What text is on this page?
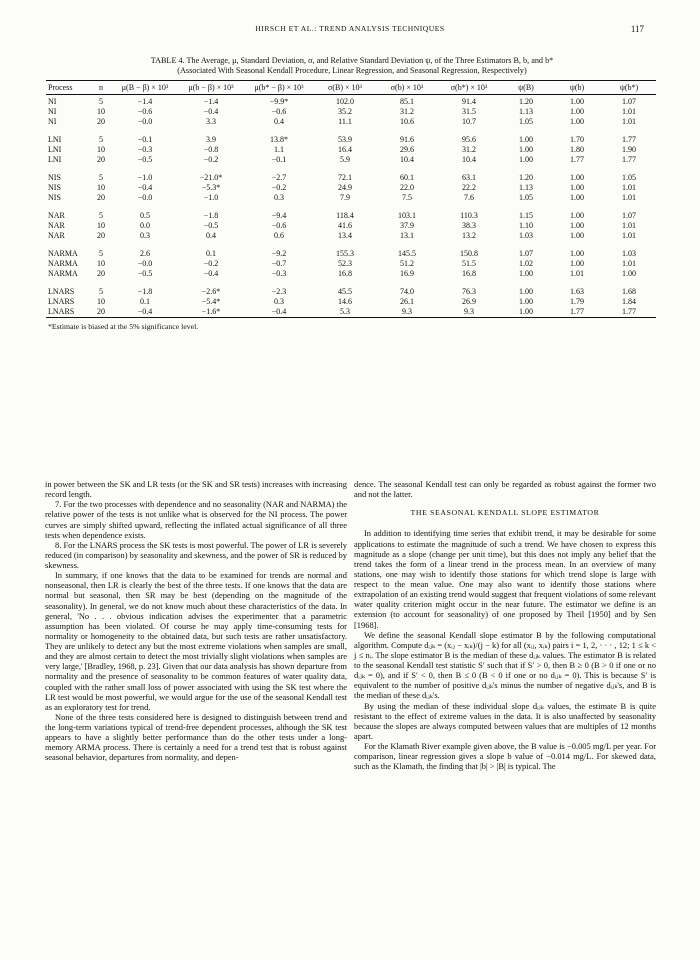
HIRSCH ET AL.: TREND ANALYSIS TECHNIQUES	117
TABLE 4. The Average, μ, Standard Deviation, σ, and Relative Standard Deviation ψ, of the Three Estimators B, b, and b*
(Associated With Seasonal Kendall Procedure, Linear Regression, and Seasonal Regression, Respectively)
Process	n	μ(B − β) × 10³	μ(b − β) × 10³	μ(b* − β) × 10³	σ(B) × 10³	σ(b) × 10³	σ(b*) × 10³	ψ(B)	ψ(b)	ψ(b*)
NI	5	−1.4	−1.4	−9.9*	102.0	85.1	91.4	1.20	1.00	1.07
NI	10	−0.6	−0.4	−0.6	35.2	31.2	31.5	1.13	1.00	1.01
NI	20	−0.0	3.3	0.4	11.1	10.6	10.7	1.05	1.00	1.01

LNI	5	−0.1	3.9	13.8*	53.9	91.6	95.6	1.00	1.70	1.77
LNI	10	−0.3	−0.8	1.1	16.4	29.6	31.2	1.00	1.80	1.90
LNI	20	−0.5	−0.2	−0.1	5.9	10.4	10.4	1.00	1.77	1.77

NIS	5	−1.0	−21.0*	−2.7	72.1	60.1	63.1	1.20	1.00	1.05
NIS	10	−0.4	−5.3*	−0.2	24.9	22.0	22.2	1.13	1.00	1.01
NIS	20	−0.0	−1.0	0.3	7.9	7.5	7.6	1.05	1.00	1.01

NAR	5	0.5	−1.8	−9.4	118.4	103.1	110.3	1.15	1.00	1.07
NAR	10	0.0	−0.5	−0.6	41.6	37.9	38.3	1.10	1.00	1.01
NAR	20	0.3	0.4	0.6	13.4	13.1	13.2	1.03	1.00	1.01

NARMA	5	2.6	0.1	−9.2	155.3	145.5	150.8	1.07	1.00	1.03
NARMA	10	−0.0	−0.2	−0.7	52.3	51.2	51.5	1.02	1.00	1.01
NARMA	20	−0.5	−0.4	−0.3	16.8	16.9	16.8	1.00	1.01	1.00

LNARS	5	−1.8	−2.6*	−2.3	45.5	74.0	76.3	1.00	1.63	1.68
LNARS	10	0.1	−5.4*	0.3	14.6	26.1	26.9	1.00	1.79	1.84
LNARS	20	−0.4	−1.6*	−0.4	5.3	9.3	9.3	1.00	1.77	1.77
*Estimate is biased at the 5% significance level.

in power between the SK and LR tests (or the SK and SR tests) increases with increasing record length.

7. For the two processes with dependence and no seasonality (NAR and NARMA) the relative power of the tests is not unlike what is observed for the NI process. The power curves are simply shifted upward, reflecting the inflated actual significance of all three tests when dependence exists.

8. For the LNARS process the SK tests is most powerful. The power of LR is severely reduced (in comparison) by seasonality and skewness, and the power of SR is reduced by skewness.

In summary, if one knows that the data to be examined for trends are normal and nonseasonal, then LR is clearly the best of the three tests. If one knows that the data are normal but seasonal, then SR may be best (depending on the magnitude of the seasonality). In general, we do not know much about these characteristics of the data. In general, 'No . . . obvious indication advises the experimenter that a parametric assumption has been violated. Of course he may apply time-consuming tests for normality or homogeneity to the obtained data, but such tests are rather unsatisfactory. They are unlikely to detect any but the most extreme violations when samples are small, and they are almost certain to detect the most trivially slight violations when samples are very large,' [Bradley, 1968, p. 23]. Given that our data analysis has shown departure from normality and the presence of seasonality to be common features of water quality data, coupled with the rather small loss of power associated with using the SK test where the LR test would be most powerful, we would argue for the use of the seasonal Kendall test as an exploratory test for trend.

None of the three tests considered here is designed to distinguish between trend and the long-term variations typical of trend-free dependent processes, although the SK test appears to have a slightly better performance than do the other tests under a long-memory ARMA process. There is certainly a need for a trend test that is robust against seasonal behavior, departures from normality, and depen-

dence. The seasonal Kendall test can only be regarded as robust against the former two and not the latter.

THE SEASONAL KENDALL SLOPE ESTIMATOR

In addition to identifying time series that exhibit trend, it may be desirable for some applications to estimate the magnitude of such a trend. We have chosen to express this magnitude as a slope (change per unit time), but this does not imply any belief that the trend takes the form of a linear trend in the process mean. In an overview of many stations, one may wish to identify those stations for which trend slope is large with respect to the mean value. One may also want to identify those stations where extrapolation of an existing trend would suggest that frequent violations of some relevant water quality criterion might occur in the near future. The estimator we define is an extension (to account for seasonality) of one proposed by Theil [1950] and by Sen [1968].

We define the seasonal Kendall slope estimator B by the following computational algorithm. Compute dᵢⱼₖ = (xᵢⱼ − xᵢₖ)/(j − k) for all (xᵢⱼ, xᵢₖ) pairs i = 1, 2, · · · , 12; 1 ≤ k < j ≤ nᵢ. The slope estimator B is the median of these dᵢⱼₖ values. The estimator B is related to the seasonal Kendall test statistic S′ such that if S′ > 0, then B ≥ 0 (B > 0 if one or no dᵢⱼₖ = 0), and if S′ < 0, then B ≤ 0 (B < 0 if one or no dᵢⱼₖ = 0). This is because S′ is equivalent to the number of positive dᵢⱼₖ's minus the number of negative dᵢⱼₖ's, and B is the median of these dᵢⱼₖ's.

By using the median of these individual slope dᵢⱼₖ values, the estimate B is quite resistant to the effect of extreme values in the data. It is also unaffected by seasonality because the slopes are always computed between values that are multiples of 12 months apart.

For the Klamath River example given above, the B value is −0.005 mg/L per year. For comparison, linear regression gives a slope b value of −0.014 mg/L. For skewed data, such as the Klamath, the finding that |b| > |B| is typical. The
